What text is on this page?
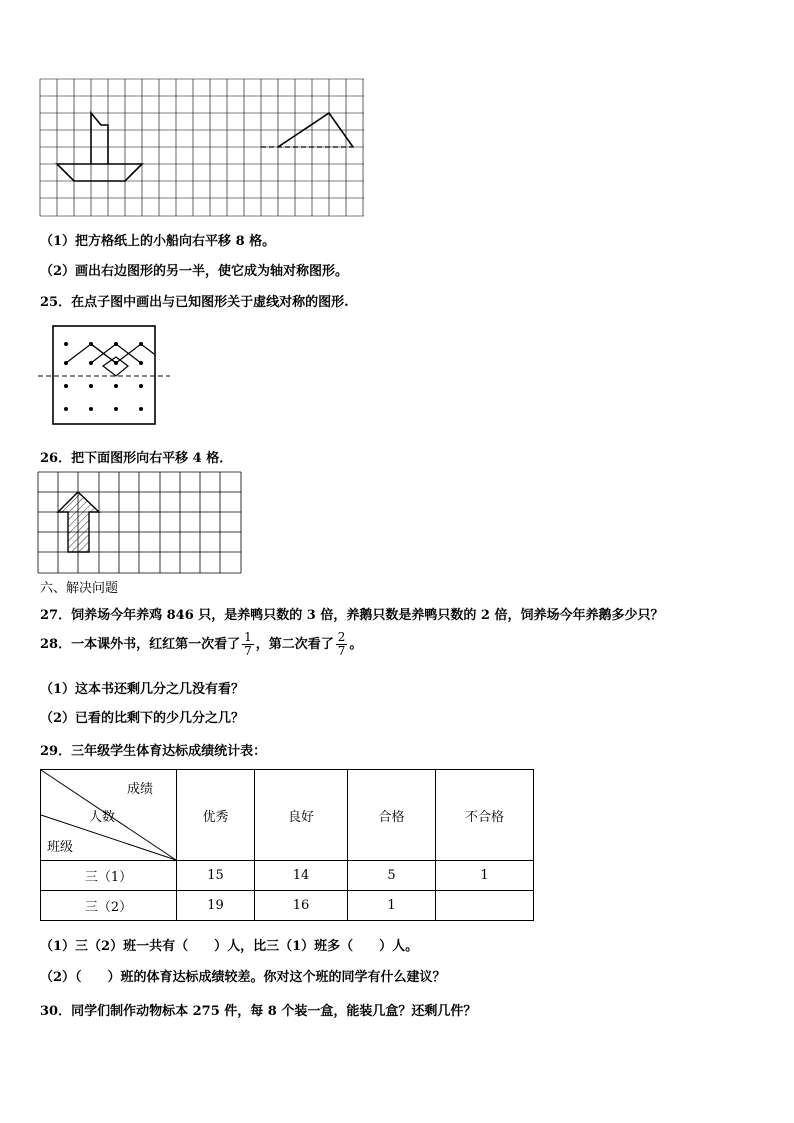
（1）把方格纸上的小船向右平移 8 格。
（2）画出右边图形的另一半，使它成为轴对称图形。
25．在点子图中画出与已知图形关于虚线对称的图形.
26．把下面图形向右平移 4 格．
六、解决问题
27．饲养场今年养鸡 846 只，是养鸭只数的 3 倍，养鹅只数是养鸭只数的 2 倍，饲养场今年养鹅多少只？
28．一本课外书，红红第一次看了 $\frac{1}{7}$ ，第二次看了 $\frac{2}{7}$ 。
（1）这本书还剩几分之几没有看？
（2）已看的比剩下的少几分之几？
29．三年级学生体育达标成绩统计表：
成绩
人数
班级	优秀	良好	合格	不合格
三（1）	15	14	5	1
三（2）	19	16	1	
（1）三（2）班一共有（　　）人，比三（1）班多（　　）人。
（2）（　　）班的体育达标成绩较差。你对这个班的同学有什么建议？
30．同学们制作动物标本 275 件，每 8 个装一盒，能装几盒？还剩几件？
